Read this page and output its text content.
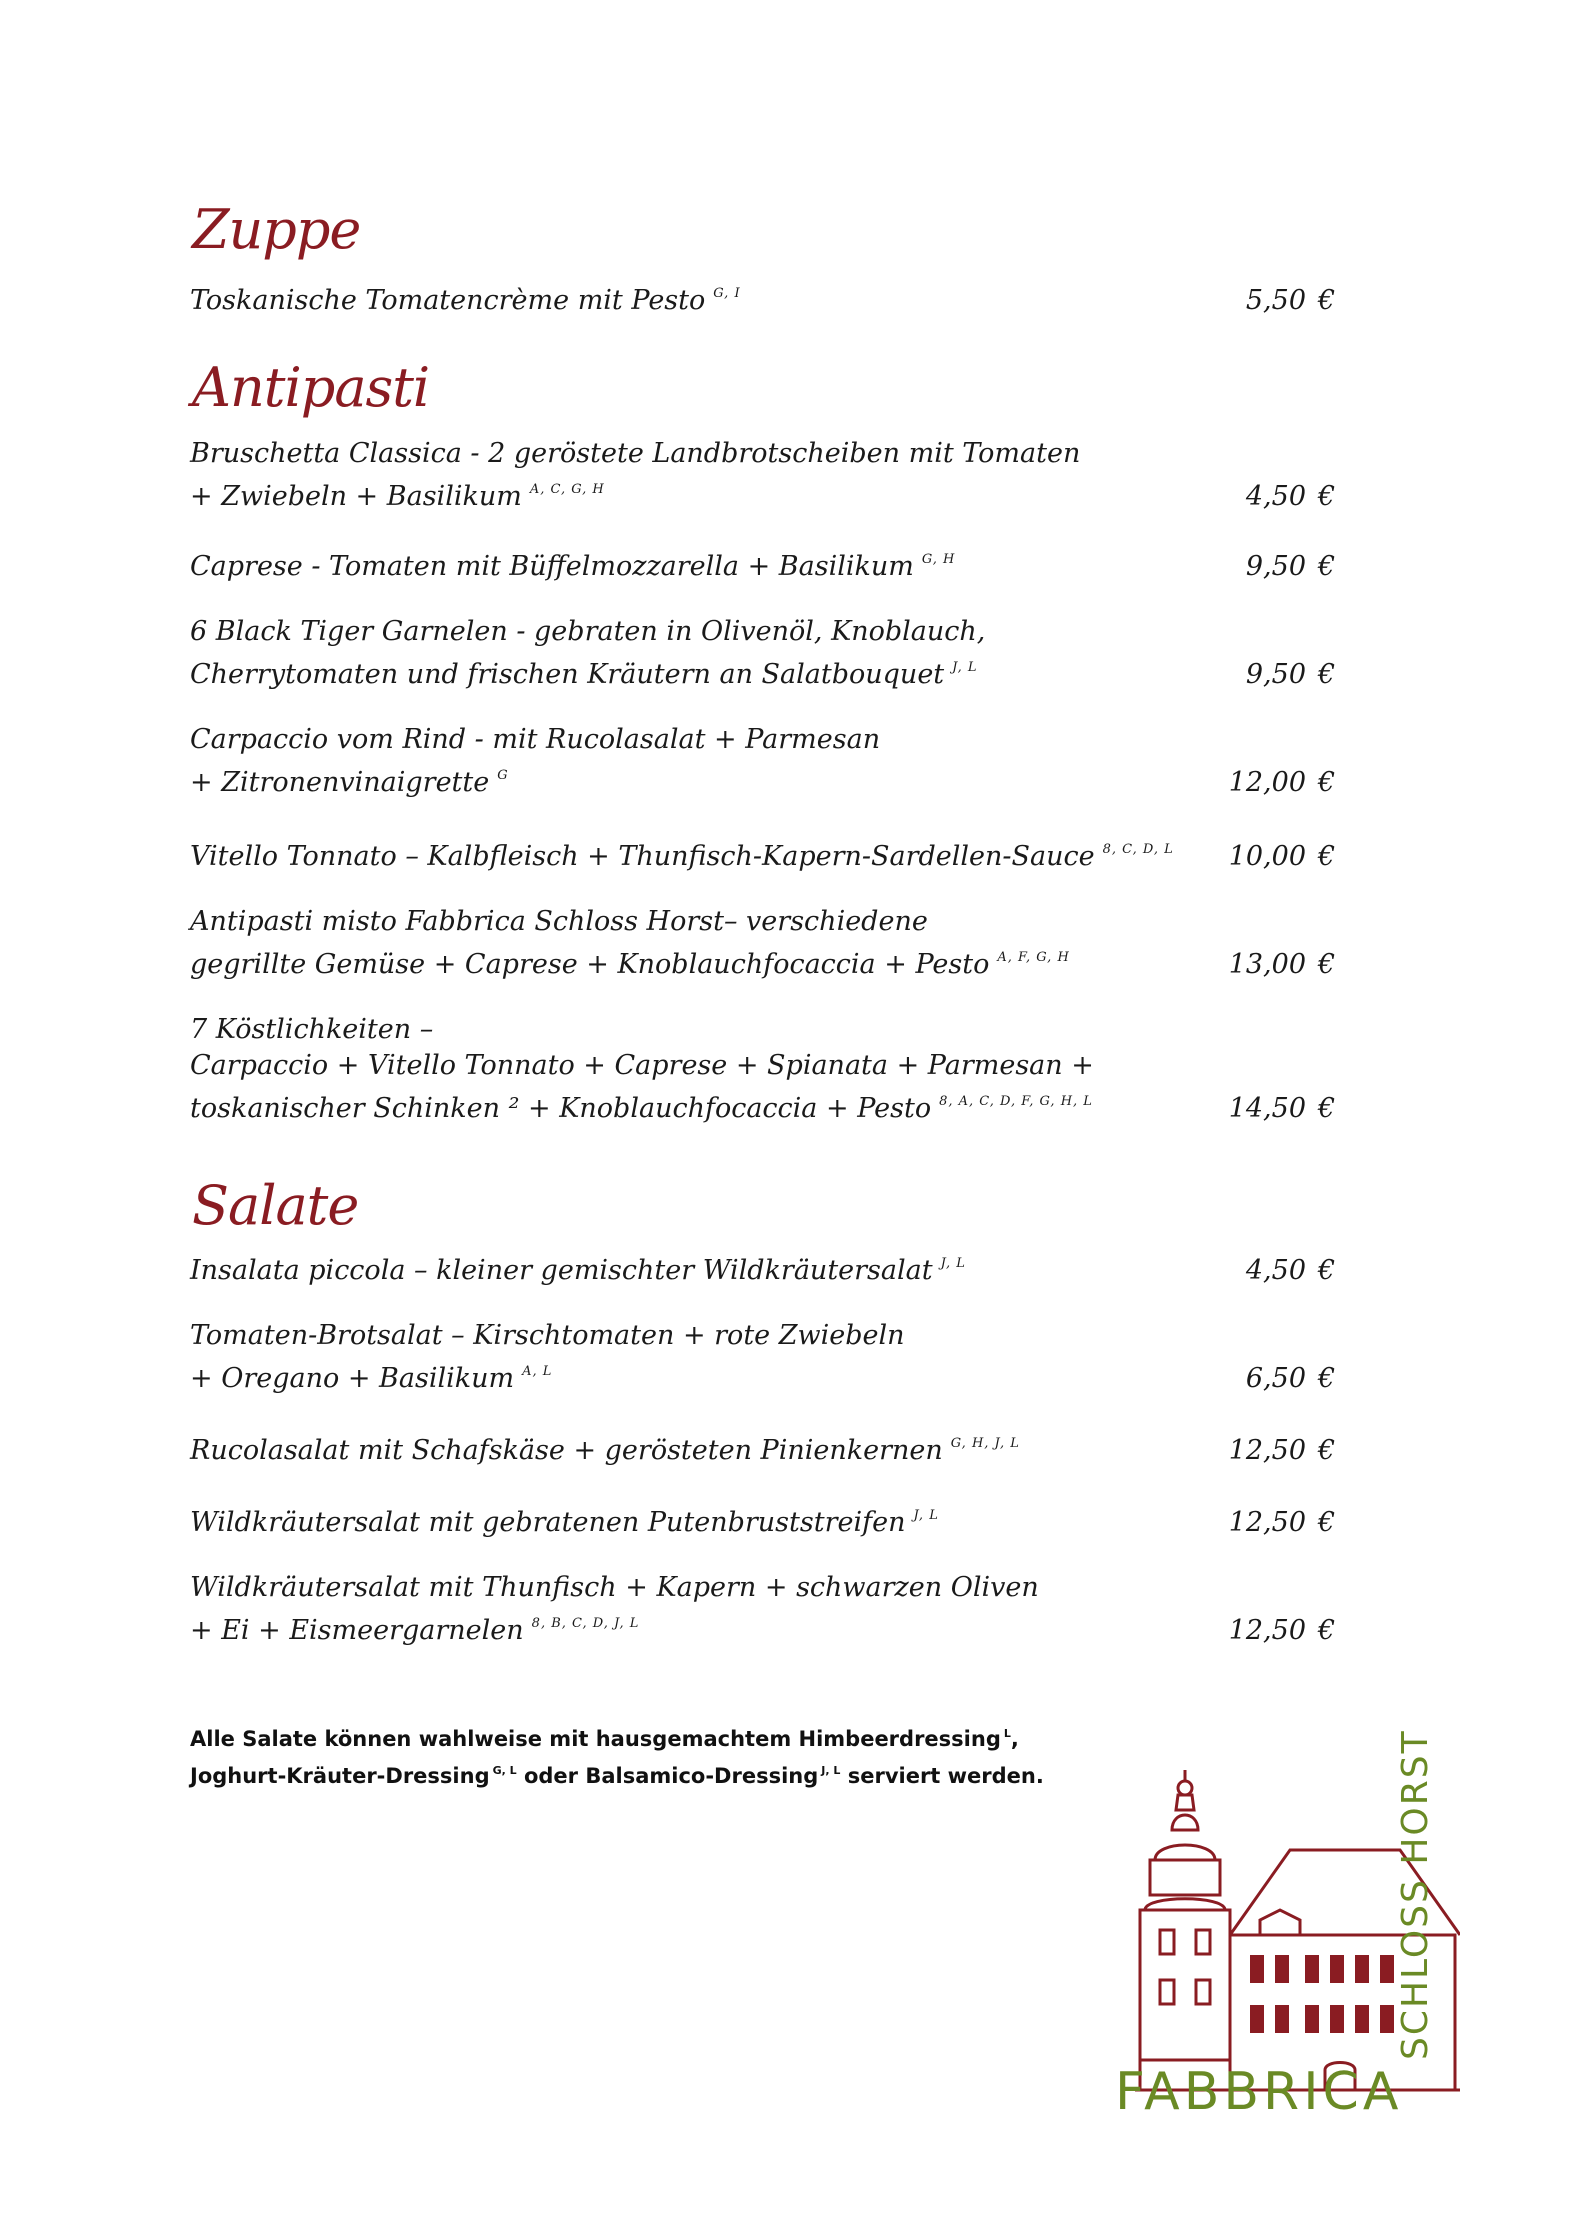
Zuppe
Toskanische Tomatencrème mit Pesto $^{G, I}$	5,50 €
Antipasti
Bruschetta Classica - 2 geröstete Landbrotscheiben mit Tomaten
+ Zwiebeln + Basilikum $^{A, C, G, H}$	4,50 €
Caprese - Tomaten mit Büffelmozzarella + Basilikum $^{G, H}$	9,50 €
6 Black Tiger Garnelen - gebraten in Olivenöl, Knoblauch,
Cherrytomaten und frischen Kräutern an Salatbouquet $^{J, L}$	9,50 €
Carpaccio vom Rind - mit Rucolasalat + Parmesan
+ Zitronenvinaigrette $^G$	12,00 €
Vitello Tonnato – Kalbfleisch + Thunfisch-Kapern-Sardellen-Sauce $^{8, C, D, L}$	10,00 €
Antipasti misto Fabbrica Schloss Horst– verschiedene
gegrillte Gemüse + Caprese + Knoblauchfocaccia + Pesto $^{A, F, G, H}$	13,00 €
7 Köstlichkeiten –
Carpaccio + Vitello Tonnato + Caprese + Spianata + Parmesan +
toskanischer Schinken ² + Knoblauchfocaccia + Pesto $^{8, A, C, D, F, G, H, L}$	14,50 €
Salate
Insalata piccola – kleiner gemischter Wildkräutersalat $^{J, L}$	4,50 €
Tomaten-Brotsalat – Kirschtomaten + rote Zwiebeln
+ Oregano + Basilikum $^{A, L}$	6,50 €
Rucolasalat mit Schafskäse + gerösteten Pinienkernen $^{G, H, J, L}$	12,50 €
Wildkräutersalat mit gebratenen Putenbruststreifen $^{J, L}$	12,50 €
Wildkräutersalat mit Thunfisch + Kapern + schwarzen Oliven
+ Ei + Eismeergarnelen $^{8, B, C, D, J, L}$	12,50 €
Alle Salate können wahlweise mit hausgemachtem Himbeerdressing $^L$,
Joghurt-Kräuter-Dressing $^{G, L}$ oder Balsamico-Dressing $^{J, L}$ serviert werden.

FABBRICA

SCHLOSS HORST
